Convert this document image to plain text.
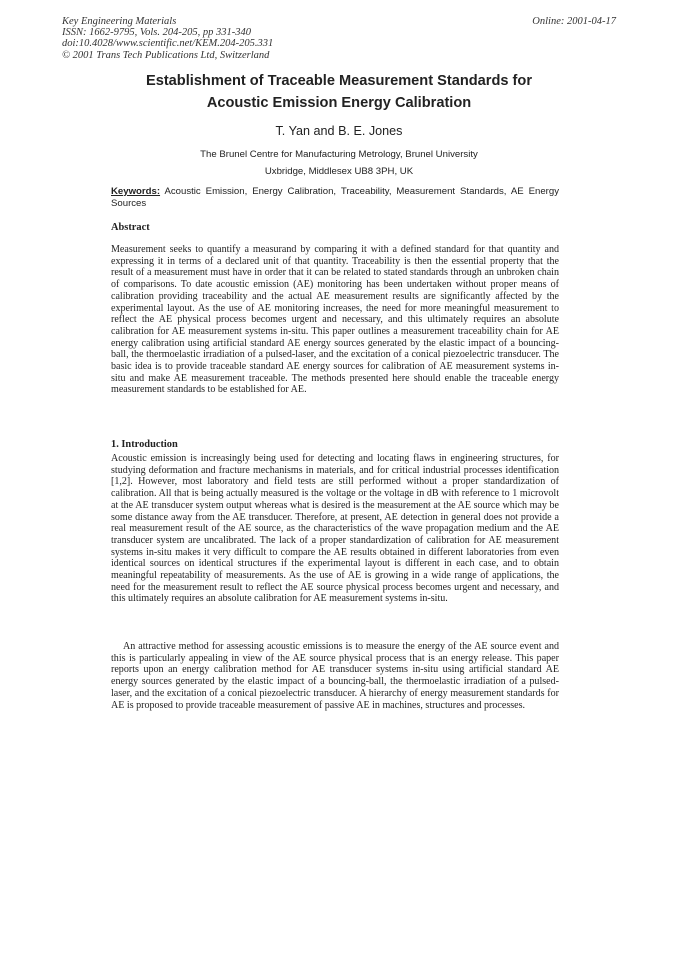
Key Engineering Materials
ISSN: 1662-9795, Vols. 204-205, pp 331-340
doi:10.4028/www.scientific.net/KEM.204-205.331
© 2001 Trans Tech Publications Ltd, Switzerland
Online: 2001-04-17
Establishment of Traceable Measurement Standards for
Acoustic Emission Energy Calibration
T. Yan and B. E. Jones
The Brunel Centre for Manufacturing Metrology, Brunel University
Uxbridge, Middlesex UB8 3PH, UK
Keywords: Acoustic Emission, Energy Calibration, Traceability, Measurement Standards, AE Energy Sources
Abstract

Measurement seeks to quantify a measurand by comparing it with a defined standard for that quantity and expressing it in terms of a declared unit of that quantity. Traceability is then the essential property that the result of a measurement must have in order that it can be related to stated standards through an unbroken chain of comparisons. To date acoustic emission (AE) monitoring has been undertaken without proper means of calibration providing traceability and the actual AE measurement results are significantly affected by the experimental layout. As the use of AE monitoring increases, the need for more meaningful measurement to reflect the AE physical process becomes urgent and necessary, and this ultimately requires an absolute calibration for AE measurement systems in-situ. This paper outlines a measurement traceability chain for AE energy calibration using artificial standard AE energy sources generated by the elastic impact of a bouncing-ball, the thermoelastic irradiation of a pulsed-laser, and the excitation of a conical piezoelectric transducer. The basic idea is to provide traceable standard AE energy sources for calibration of AE measurement systems in-situ and make AE measurement traceable. The methods presented here should enable the traceable energy measurement standards to be established for AE.

1. Introduction

Acoustic emission is increasingly being used for detecting and locating flaws in engineering structures, for studying deformation and fracture mechanisms in materials, and for critical industrial processes identification [1,2]. However, most laboratory and field tests are still performed without a proper standardization of calibration. All that is being actually measured is the voltage or the voltage in dB with reference to 1 microvolt at the AE transducer system output whereas what is desired is the measurement at the AE source which may be some distance away from the AE transducer. Therefore, at present, AE detection in general does not provide a real measurement result of the AE source, as the characteristics of the wave propagation medium and the AE transducer system are uncalibrated. The lack of a proper standardization of calibration for AE measurement systems in-situ makes it very difficult to compare the AE results obtained in different laboratories from even identical sources on identical structures if the experimental layout is different in each case, and to obtain meaningful repeatability of measurements. As the use of AE is growing in a wide range of applications, the need for the measurement result to reflect the AE source physical process becomes urgent and necessary, and this ultimately requires an absolute calibration for AE measurement systems in-situ.

An attractive method for assessing acoustic emissions is to measure the energy of the AE source event and this is particularly appealing in view of the AE source physical process that is an energy release. This paper reports upon an energy calibration method for AE transducer systems in-situ using artificial standard AE energy sources generated by the elastic impact of a bouncing-ball, the thermoelastic irradiation of a pulsed-laser, and the excitation of a conical piezoelectric transducer. A hierarchy of energy measurement standards for AE is proposed to provide traceable measurement of passive AE in machines, structures and processes.
